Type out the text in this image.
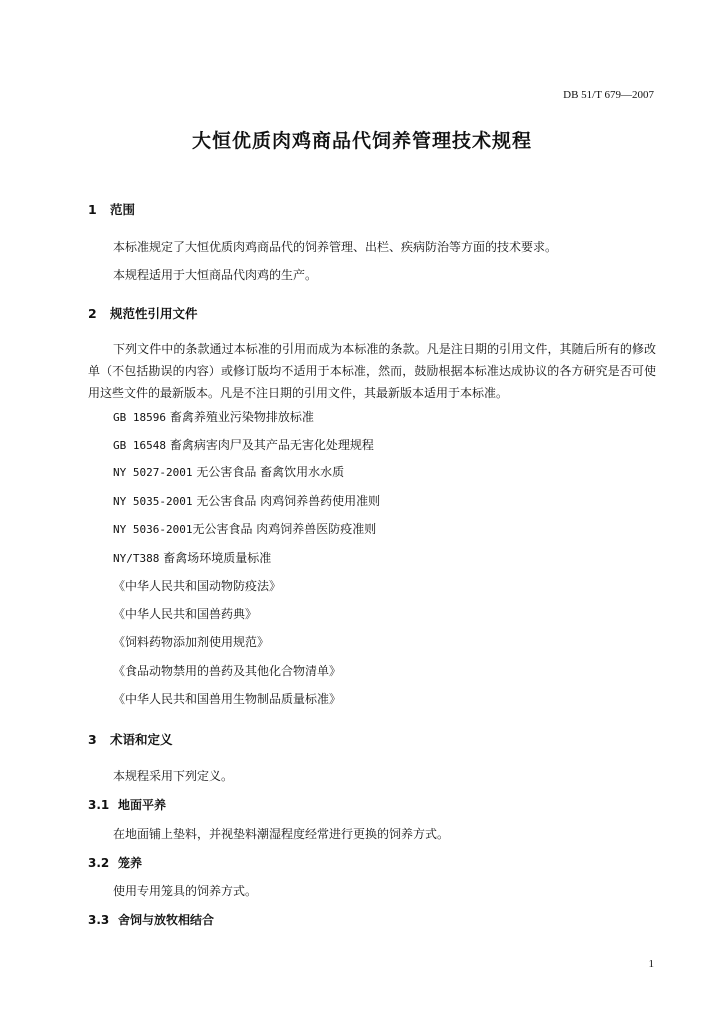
DB 51/T 679—2007
大恒优质肉鸡商品代饲养管理技术规程
1 范围
本标准规定了大恒优质肉鸡商品代的饲养管理、出栏、疾病防治等方面的技术要求。
本规程适用于大恒商品代肉鸡的生产。
2 规范性引用文件
下列文件中的条款通过本标准的引用而成为本标准的条款。凡是注日期的引用文件，其随后所有的修改单（不包括勘误的内容）或修订版均不适用于本标准，然而，鼓励根据本标准达成协议的各方研究是否可使用这些文件的最新版本。凡是不注日期的引用文件，其最新版本适用于本标准。
GB 18596 畜禽养殖业污染物排放标准
GB 16548 畜禽病害肉尸及其产品无害化处理规程
NY 5027-2001 无公害食品 畜禽饮用水水质
NY 5035-2001 无公害食品 肉鸡饲养兽药使用准则
NY 5036-2001无公害食品 肉鸡饲养兽医防疫准则
NY/T388 畜禽场环境质量标准
《中华人民共和国动物防疫法》
《中华人民共和国兽药典》
《饲料药物添加剂使用规范》
《食品动物禁用的兽药及其他化合物清单》
《中华人民共和国兽用生物制品质量标准》
3 术语和定义
本规程采用下列定义。
3.1 地面平养
在地面铺上垫料，并视垫料潮湿程度经常进行更换的饲养方式。
3.2 笼养
使用专用笼具的饲养方式。
3.3 舍饲与放牧相结合
1
